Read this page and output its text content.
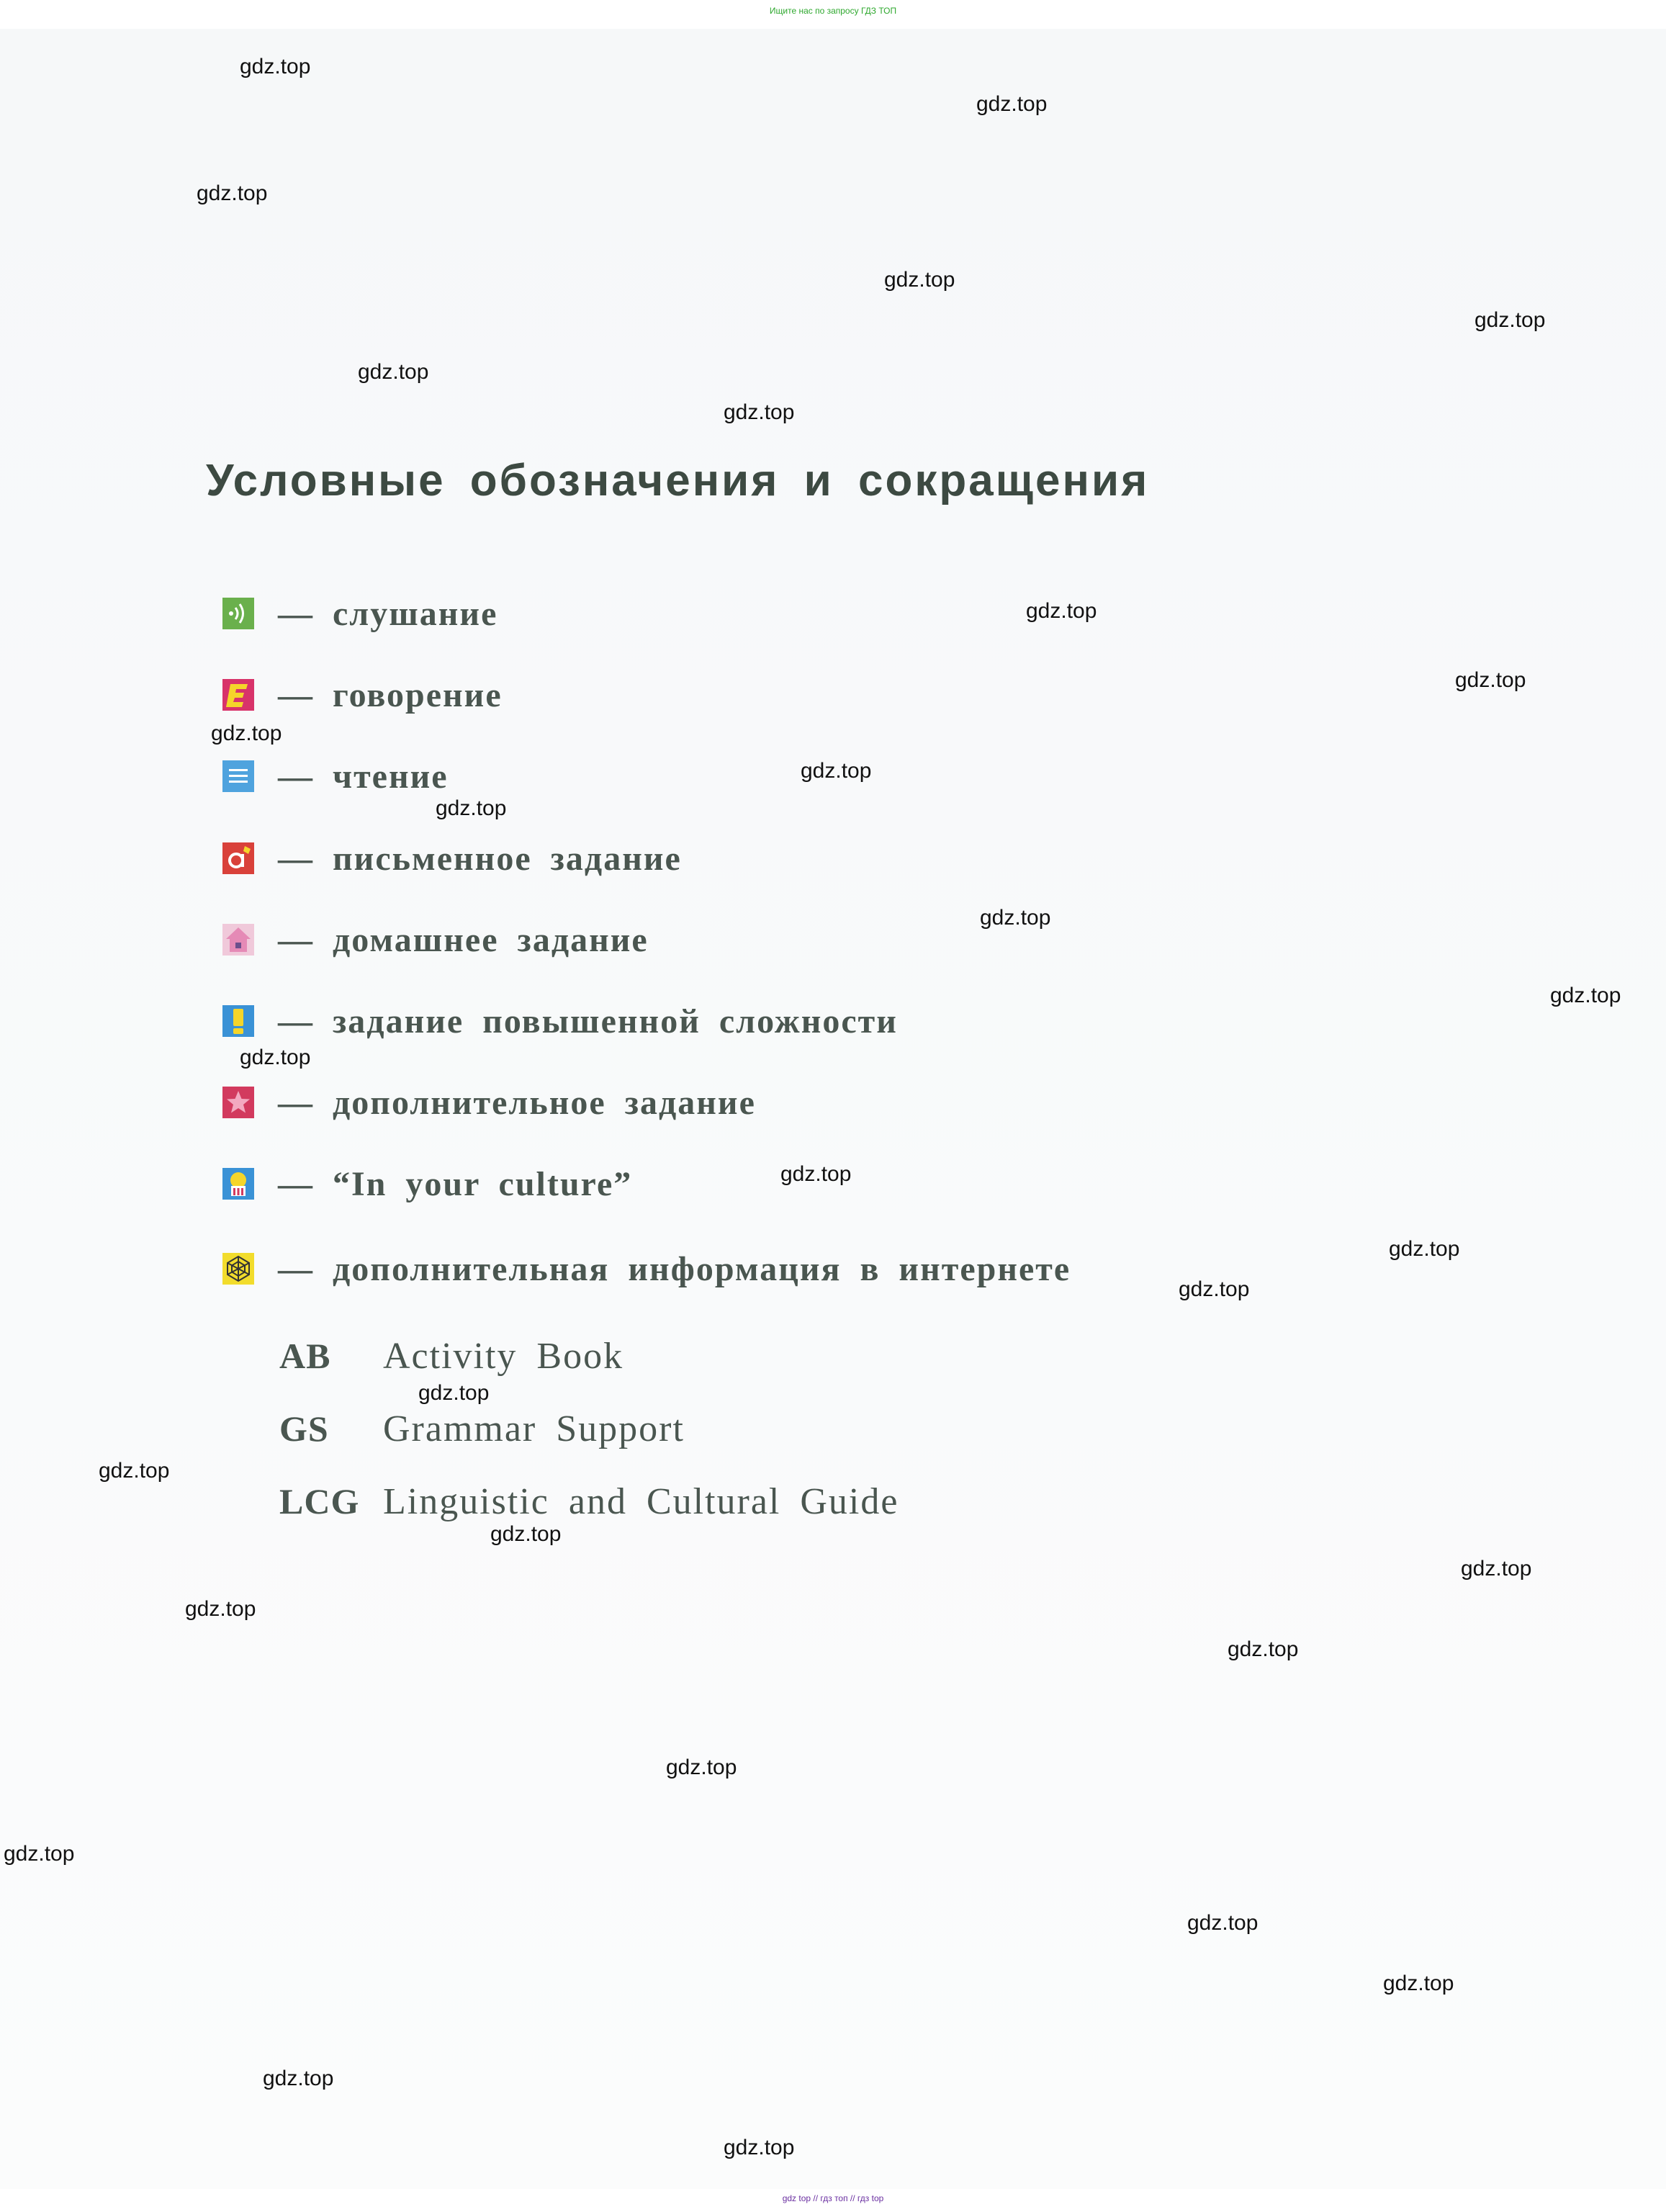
Ищите нас по запросу ГДЗ ТОП
Условные обозначения и сокращения
— слушание
— говорение
— чтение
— письменное задание
— домашнее задание
— задание повышенной сложности
— дополнительное задание
— “In your culture”
— дополнительная информация в интернете
AB	Activity Book
GS	Grammar Support
LCG Linguistic and Cultural Guide
gdz.top
gdz.top
gdz.top
gdz.top
gdz.top
gdz.top
gdz.top
gdz.top
gdz.top
gdz.top
gdz.top
gdz.top
gdz.top
gdz.top
gdz.top
gdz.top
gdz.top
gdz.top
gdz.top
gdz.top
gdz.top
gdz.top
gdz.top
gdz.top
gdz.top
gdz.top
gdz.top
gdz.top
gdz.top
gdz.top
gdz top // гдз топ // гдз top
